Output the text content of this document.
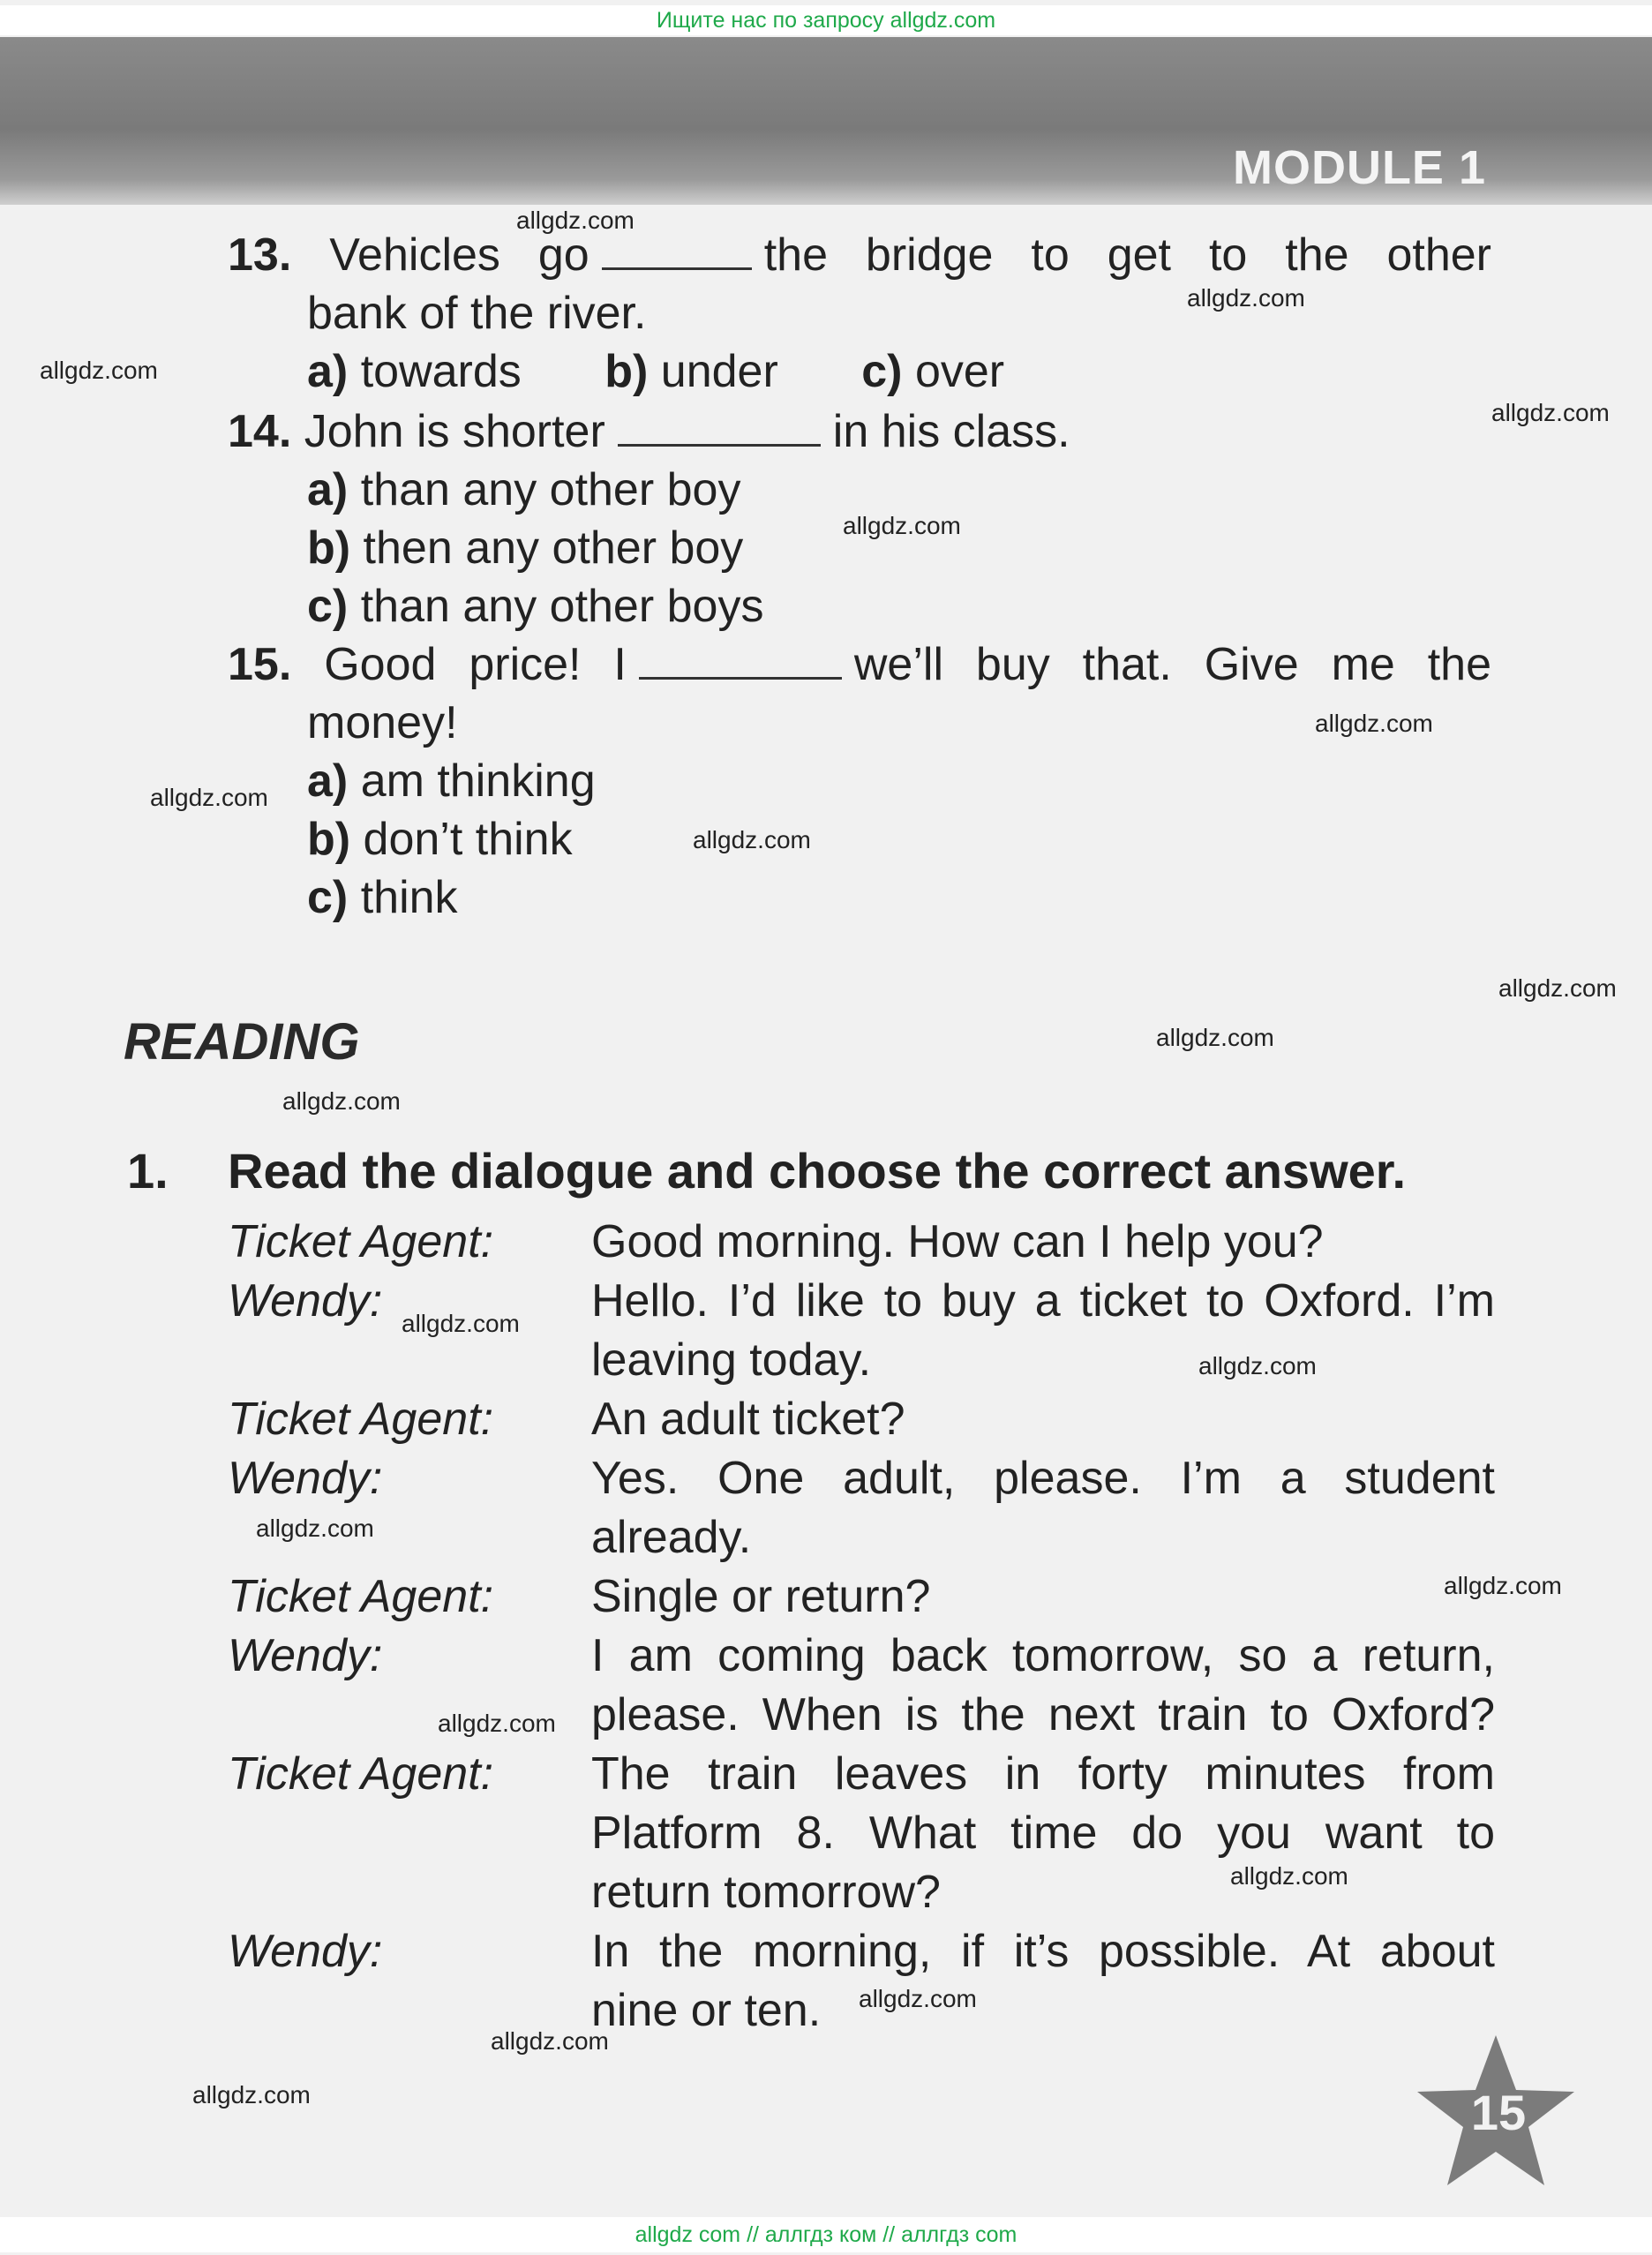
Ищите нас по запросу allgdz.com
MODULE 1
13. Vehicles go	the bridge to get to the other
bank of the river.
a) towards b) under c) over
14. John is shorter	in his class.
a) than any other boy
b) then any other boy
c) than any other boys
15. Good price! I	we’ll buy that. Give me the
money!
a) am thinking
b) don’t think
c) think
READING
1. Read the dialogue and choose the correct answer.
Ticket Agent: Good morning. How can I help you?
Wendy:	Hello. I’d like to buy a ticket to Oxford. I’m
leaving today.
Ticket Agent: An adult ticket?
Wendy:	Yes. One adult, please. I’m a student
already.
Ticket Agent: Single or return?
Wendy:	I am coming back tomorrow, so a return,
please. When is the next train to Oxford?
Ticket Agent: The train leaves in forty minutes from
Platform 8. What time do you want to
return tomorrow?
Wendy:	In the morning, if it’s possible. At about
nine or ten.
allgdz.com
allgdz.com
allgdz.com
allgdz.com
allgdz.com
allgdz.com
allgdz.com
allgdz.com
allgdz.com
allgdz.com
allgdz.com
allgdz.com
allgdz.com
allgdz.com
allgdz.com
allgdz.com
allgdz.com
allgdz.com
allgdz.com
allgdz.com	15
allgdz com // аллгдз ком // аллгдз com
